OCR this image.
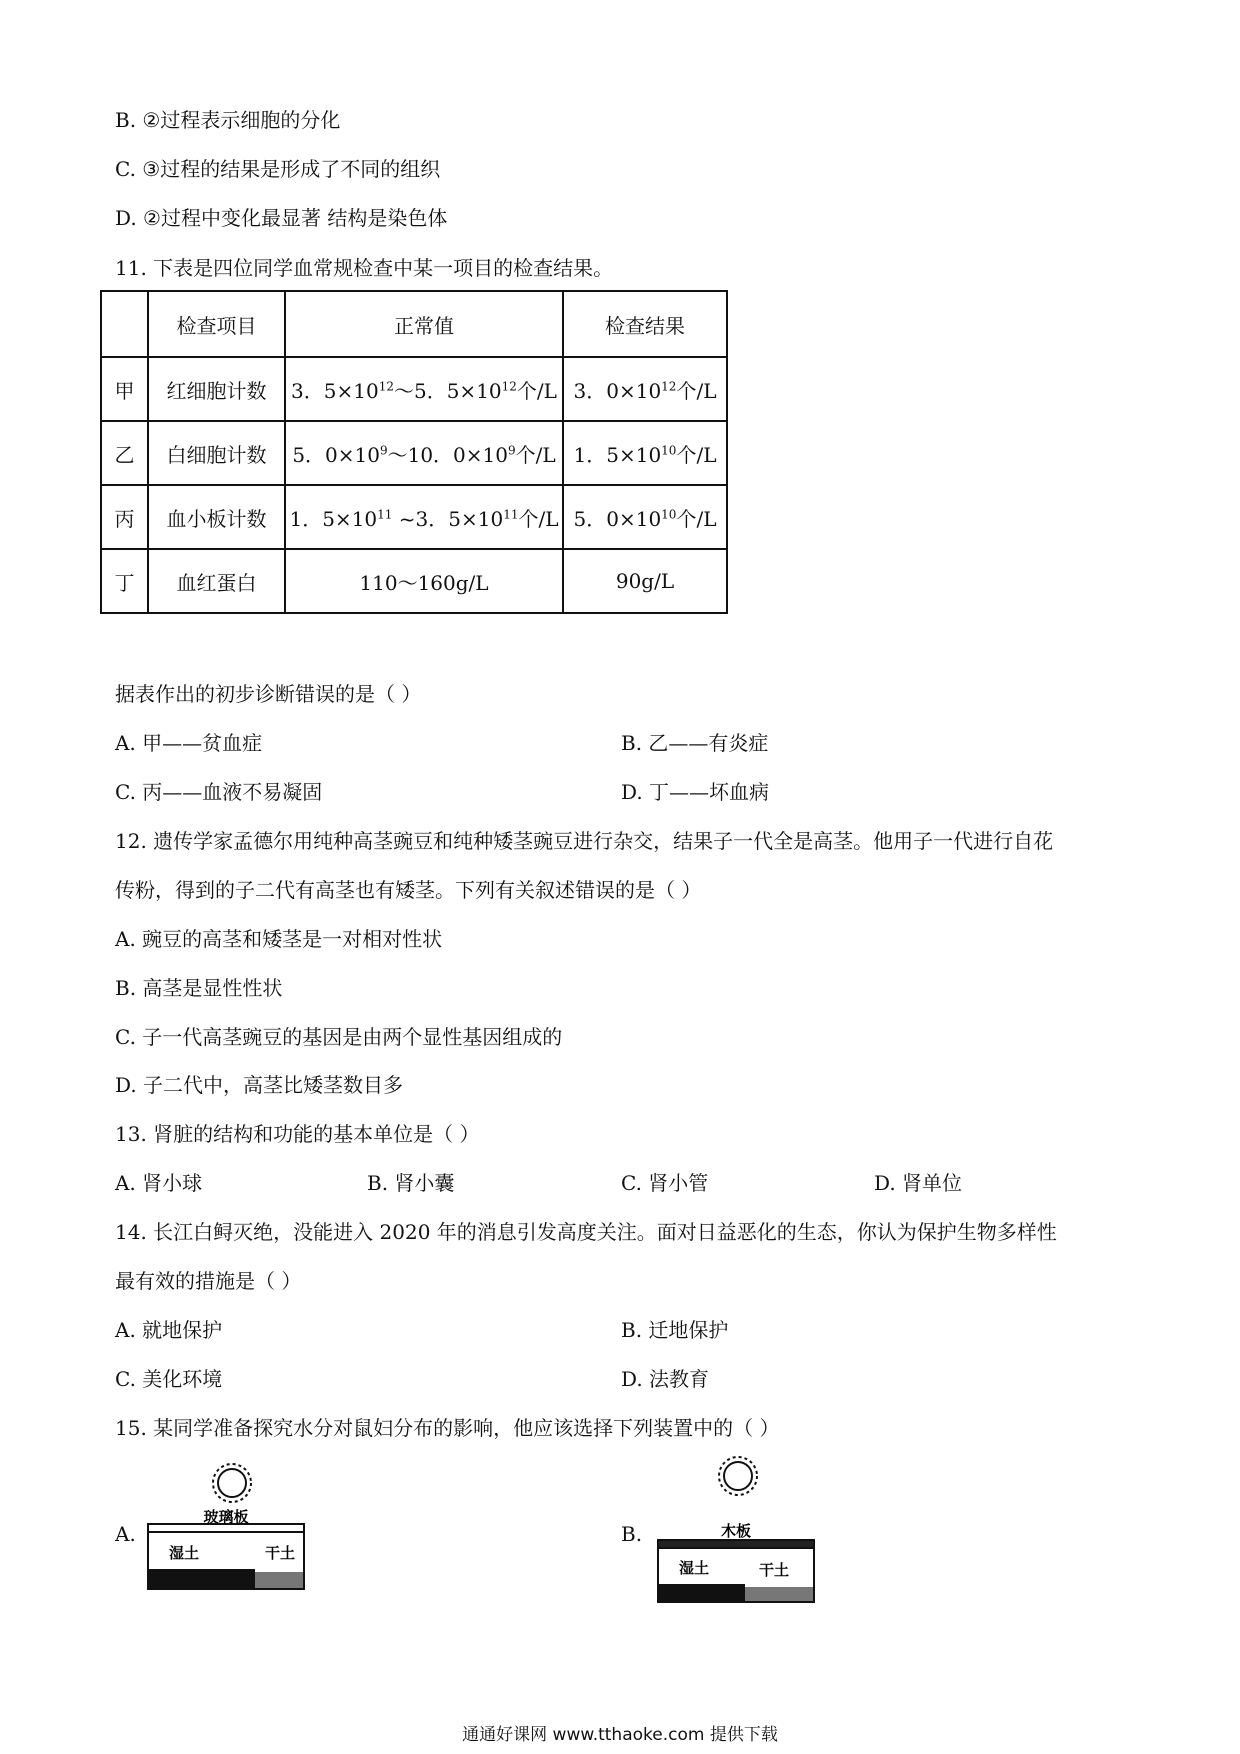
B. ②过程表示细胞的分化
C. ③过程的结果是形成了不同的组织
D. ②过程中变化最显著 结构是染色体
11. 下表是四位同学血常规检查中某一项目的检查结果。
	检查项目	正常值	检查结果
甲	红细胞计数	3．$5\times 10^{12}\sim 5$．$5\times 10^{12}$个/L	3．$0\times 10^{12}$个/L
乙	白细胞计数	5．$0\times 10^9\sim 10$．$0\times 10^9$个/L	1．$5\times 10^{10}$个/L
丙	血小板计数	1．$5\times 10^{11}$ ~3．$5\times 10^{11}$个/L	5．$0\times 10^{10}$个/L
丁	血红蛋白	110～160g/L	90g/L
据表作出的初步诊断错误的是（ ）
A. 甲——贫血症	B. 乙——有炎症
C. 丙——血液不易凝固	D. 丁——坏血病
12. 遗传学家孟德尔用纯种高茎豌豆和纯种矮茎豌豆进行杂交，结果子一代全是高茎。他用子一代进行自花
传粉，得到的子二代有高茎也有矮茎。下列有关叙述错误的是（ ）
A. 豌豆的高茎和矮茎是一对相对性状
B. 高茎是显性性状
C. 子一代高茎豌豆的基因是由两个显性基因组成的
D. 子二代中，高茎比矮茎数目多
13. 肾脏的结构和功能的基本单位是（ ）
A. 肾小球	B. 肾小囊	C. 肾小管	D. 肾单位
14. 长江白鲟灭绝，没能进入 2020 年的消息引发高度关注。面对日益恶化的生态，你认为保护生物多样性
最有效的措施是（ ）
A. 就地保护	B. 迁地保护
C. 美化环境	D. 法教育
15. 某同学准备探究水分对鼠妇分布的影响，他应该选择下列装置中的（ ）
A.	B.
玻璃板
湿土	干土
木板
湿土	干土
通通好课网 www.tthaoke.com 提供下载
